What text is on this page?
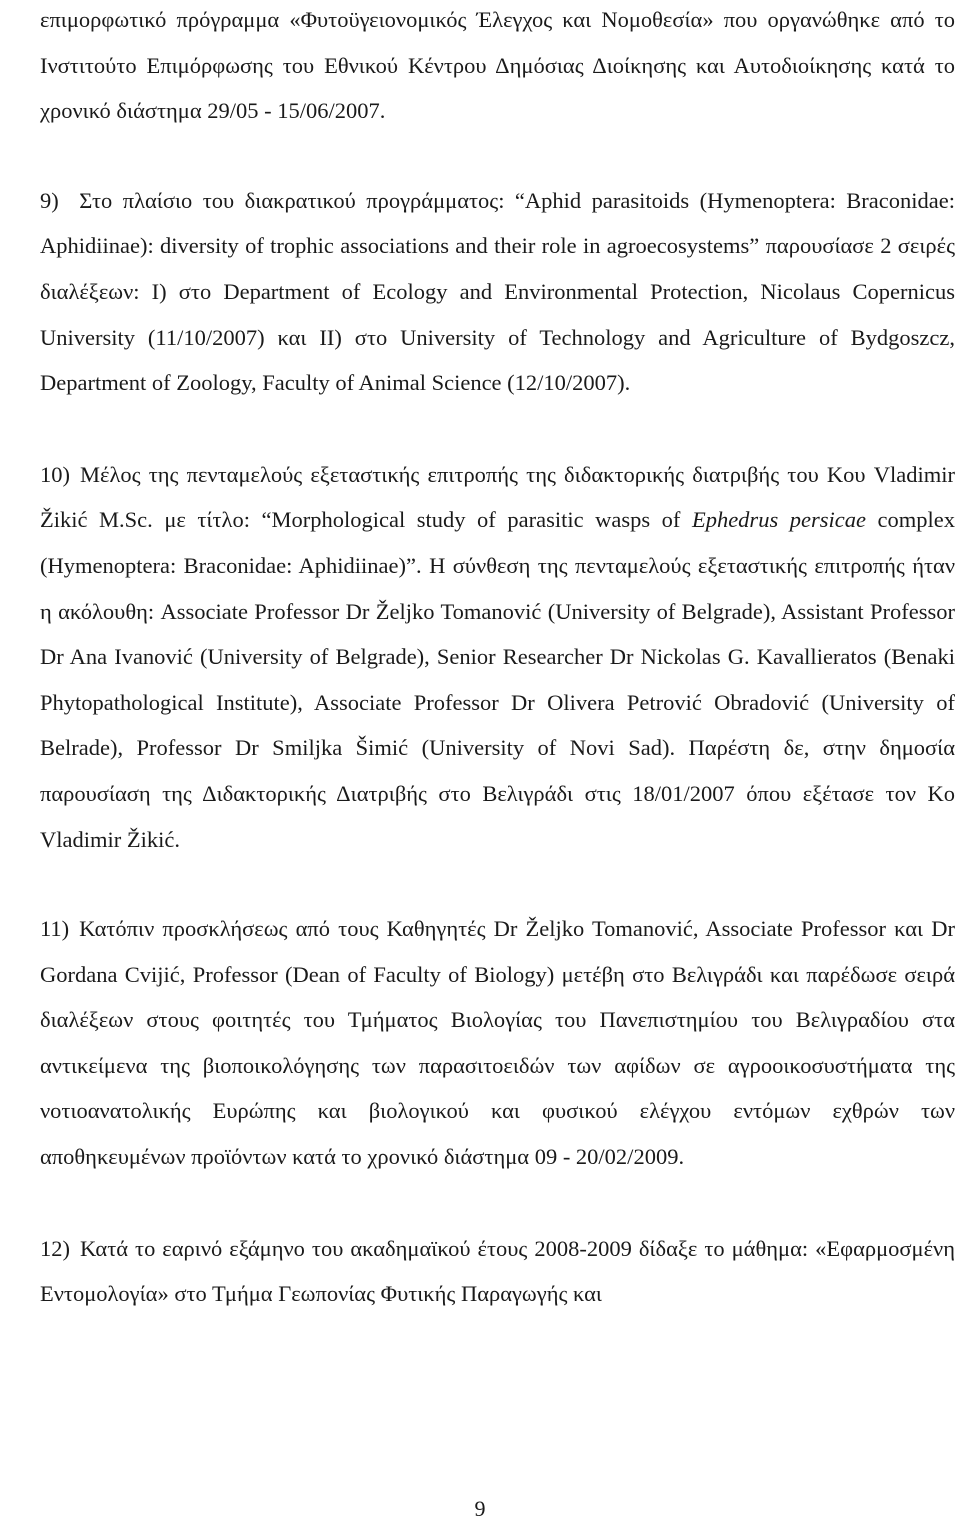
επιμορφωτικό πρόγραμμα «Φυτοϋγειονομικός Έλεγχος και Νομοθεσία» που οργανώθηκε από το Ινστιτούτο Επιμόρφωσης του Εθνικού Κέντρου Δημόσιας Διοίκησης και Αυτοδιοίκησης κατά το χρονικό διάστημα 29/05 - 15/06/2007.

9) Στο πλαίσιο του διακρατικού προγράμματος: “Aphid parasitoids (Hymenoptera: Braconidae: Aphidiinae): diversity of trophic associations and their role in agroecosystems” παρουσίασε 2 σειρές διαλέξεων: I) στο Department of Ecology and Environmental Protection, Nicolaus Copernicus University (11/10/2007) και II) στο University of Technology and Agriculture of Bydgoszcz, Department of Zoology, Faculty of Animal Science (12/10/2007).

10) Μέλος της πενταμελούς εξεταστικής επιτροπής της διδακτορικής διατριβής του Κου Vladimir Žikić M.Sc. με τίτλο: “Morphological study of parasitic wasps of Ephedrus persicae complex (Hymenoptera: Braconidae: Aphidiinae)”. Η σύνθεση της πενταμελούς εξεταστικής επιτροπής ήταν η ακόλουθη: Associate Professor Dr Željko Tomanović (University of Belgrade), Assistant Professor Dr Ana Ivanović (University of Belgrade), Senior Researcher Dr Nickolas G. Kavallieratos (Benaki Phytopathological Institute), Associate Professor Dr Olivera Petrović Obradović (University of Belrade), Professor Dr Smiljka Šimić (University of Novi Sad). Παρέστη δε, στην δημοσία παρουσίαση της Διδακτορικής Διατριβής στο Βελιγράδι στις 18/01/2007 όπου εξέτασε τον Κο Vladimir Žikić.

11) Κατόπιν προσκλήσεως από τους Καθηγητές Dr Željko Tomanović, Associate Professor και Dr Gordana Cvijić, Professor (Dean of Faculty of Biology) μετέβη στο Βελιγράδι και παρέδωσε σειρά διαλέξεων στους φοιτητές του Τμήματος Βιολογίας του Πανεπιστημίου του Βελιγραδίου στα αντικείμενα της βιοποικολόγησης των παρασιτοειδών των αφίδων σε αγροοικοσυστήματα της νοτιοανατολικής Ευρώπης και βιολογικού και φυσικού ελέγχου εντόμων εχθρών των αποθηκευμένων προϊόντων κατά το χρονικό διάστημα 09 - 20/02/2009.

12) Κατά το εαρινό εξάμηνο του ακαδημαϊκού έτους 2008-2009 δίδαξε το μάθημα: «Εφαρμοσμένη Εντομολογία» στο Τμήμα Γεωπονίας Φυτικής Παραγωγής και

9
